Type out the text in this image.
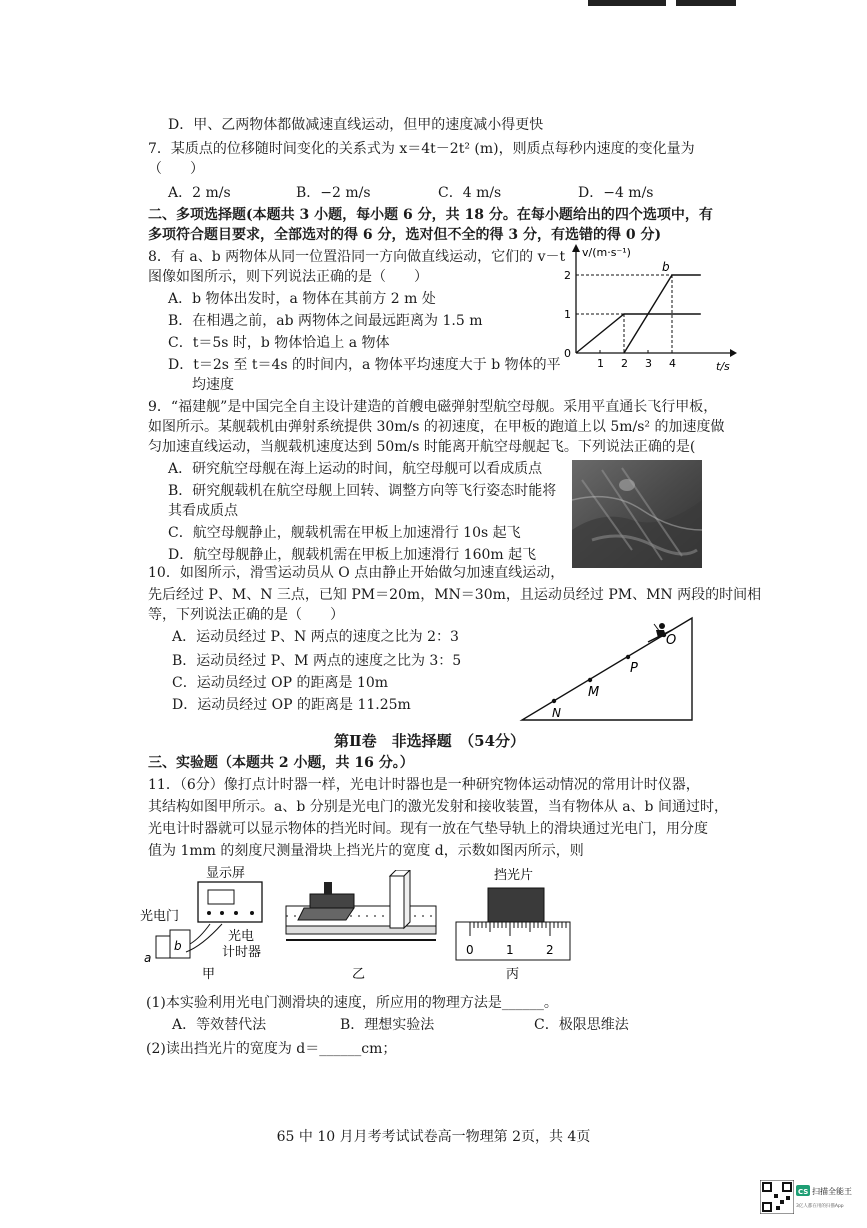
D．甲、乙两物体都做减速直线运动，但甲的速度减小得更快
7．某质点的位移随时间变化的关系式为 x＝4t－2t² (m)，则质点每秒内速度的变化量为
（　　）
A．2 m/s	B．−2 m/s	C．4 m/s	D．−4 m/s
二、多项选择题(本题共 3 小题，每小题 6 分，共 18 分。在每小题给出的四个选项中，有
多项符合题目要求，全部选对的得 6 分，选对但不全的得 3 分，有选错的得 0 分)
8．有 a、b 两物体从同一位置沿同一方向做直线运动，它们的 v－t
图像如图所示，则下列说法正确的是（　　）
A．b 物体出发时，a 物体在其前方 2 m 处
B．在相遇之前，ab 两物体之间最远距离为 1.5 m
C．t＝5s 时，b 物体恰追上 a 物体
D．t＝2s 至 t＝4s 的时间内，a 物体平均速度大于 b 物体的平
均速度
v/(m·s⁻¹)
t/s
0
1 2 3 4
1
2
b
9．“福建舰”是中国完全自主设计建造的首艘电磁弹射型航空母舰。采用平直通长飞行甲板，
如图所示。某舰载机由弹射系统提供 30m/s 的初速度，在甲板的跑道上以 5m/s² 的加速度做
匀加速直线运动，当舰载机速度达到 50m/s 时能离开航空母舰起飞。下列说法正确的是(
A．研究航空母舰在海上运动的时间，航空母舰可以看成质点
B．研究舰载机在航空母舰上回转、调整方向等飞行姿态时能将
其看成质点
C．航空母舰静止，舰载机需在甲板上加速滑行 10s 起飞
D．航空母舰静止，舰载机需在甲板上加速滑行 160m 起飞
10．如图所示，滑雪运动员从 O 点由静止开始做匀加速直线运动，
先后经过 P、M、N 三点，已知 PM＝20m，MN＝30m，且运动员经过 PM、MN 两段的时间相
等，下列说法正确的是（　　）
A．运动员经过 P、N 两点的速度之比为 2：3
B．运动员经过 P、M 两点的速度之比为 3：5
C．运动员经过 OP 的距离是 10m
D．运动员经过 OP 的距离是 11.25m
O
P
M
N
第Ⅱ卷　非选择题　（54分）
三、实验题（本题共 2 小题，共 16 分。）
11．（6分）像打点计时器一样，光电计时器也是一种研究物体运动情况的常用计时仪器，
其结构如图甲所示。a、b 分别是光电门的激光发射和接收装置，当有物体从 a、b 间通过时，
光电计时器就可以显示物体的挡光时间。现有一放在气垫导轨上的滑块通过光电门，用分度
值为 1mm 的刻度尺测量滑块上挡光片的宽度 d，示数如图丙所示，则
显示屏
光电门
b
a
光电
计时器
甲	乙
挡光片
0	1	2
丙
(1)本实验利用光电门测滑块的速度，所应用的物理方法是______。
A．等效替代法	B．理想实验法	C．极限思维法
(2)读出挡光片的宽度为 d＝______cm；
65 中 10 月月考考试试卷高一物理第 2页，共 4页
CS 扫描全能王
3亿人都在用的扫描App
